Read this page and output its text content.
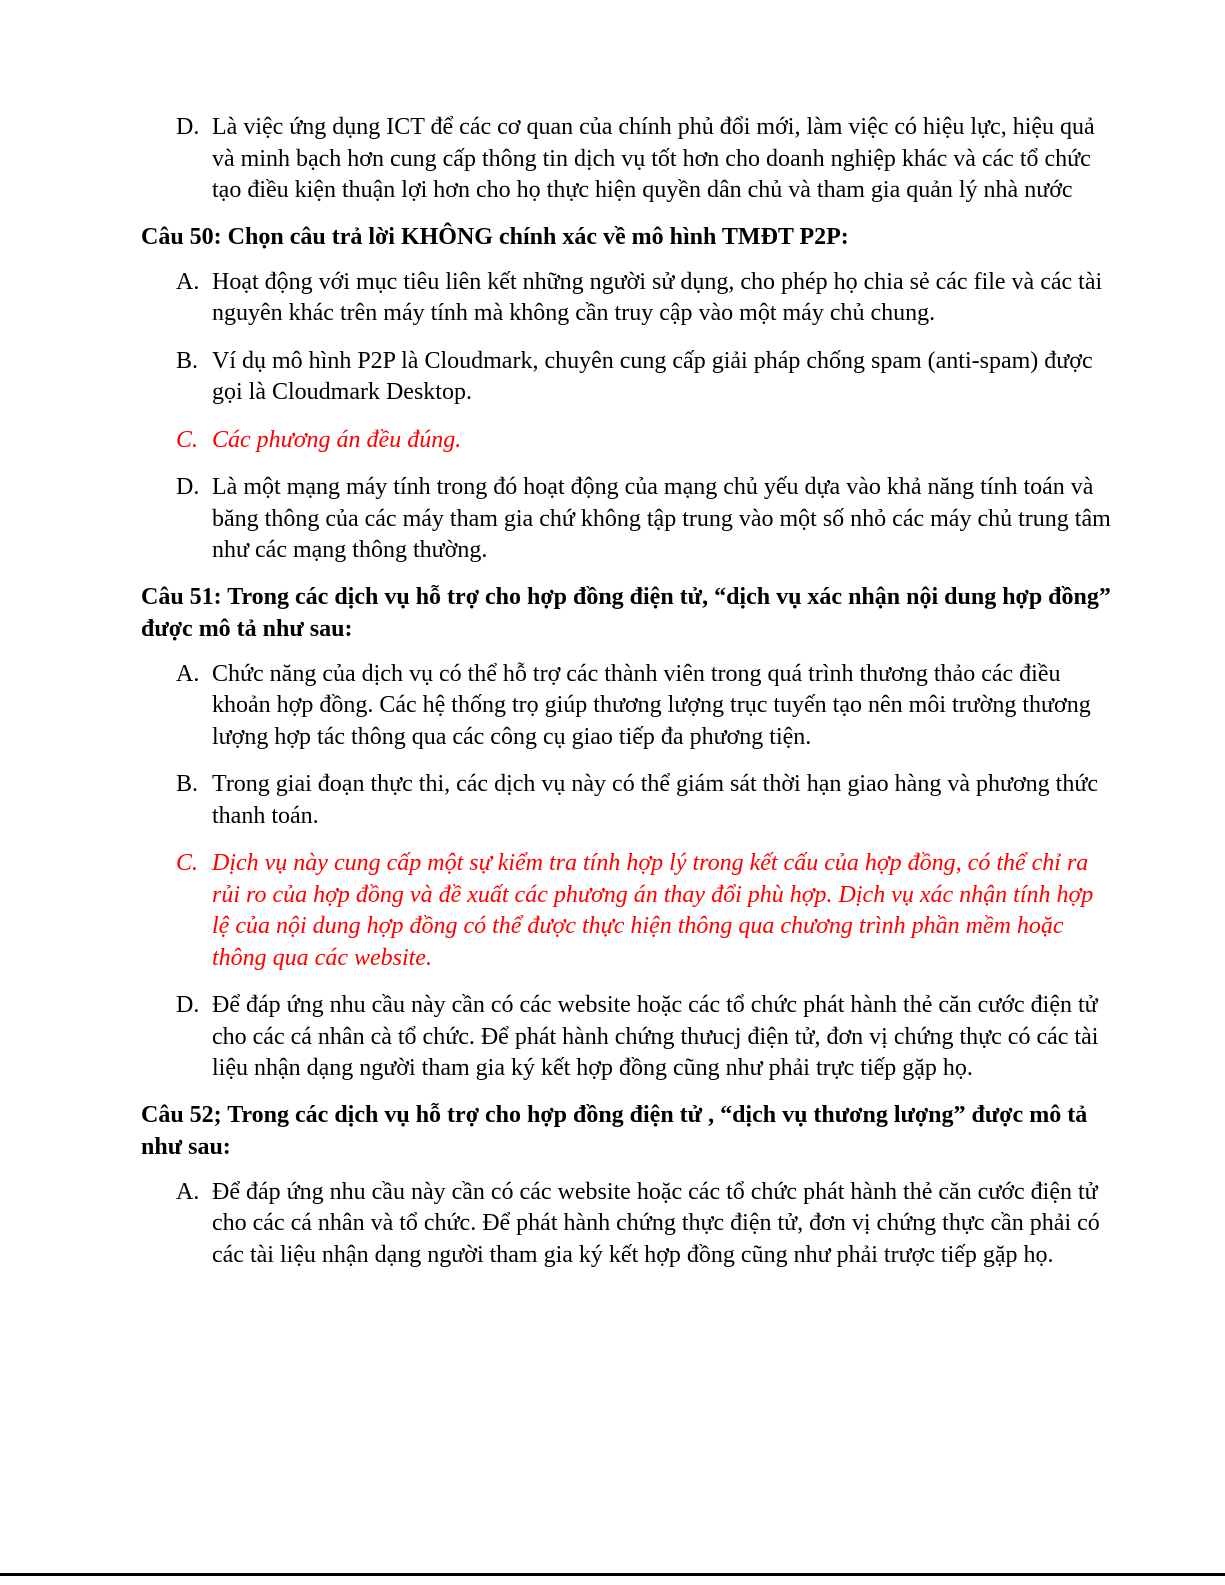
D. Là việc ứng dụng ICT để các cơ quan của chính phủ đổi mới, làm việc có hiệu lực, hiệu quả và minh bạch hơn cung cấp thông tin dịch vụ tốt hơn cho doanh nghiệp khác và các tổ chức tạo điều kiện thuận lợi hơn cho họ thực hiện quyền dân chủ và tham gia quản lý nhà nước

Câu 50: Chọn câu trả lời KHÔNG chính xác về mô hình TMĐT P2P:

A. Hoạt động với mục tiêu liên kết những người sử dụng, cho phép họ chia sẻ các file và các tài nguyên khác trên máy tính mà không cần truy cập vào một máy chủ chung.

B. Ví dụ mô hình P2P là Cloudmark, chuyên cung cấp giải pháp chống spam (anti-spam) được gọi là Cloudmark Desktop.

C. Các phương án đều đúng.

D. Là một mạng máy tính trong đó hoạt động của mạng chủ yếu dựa vào khả năng tính toán và băng thông của các máy tham gia chứ không tập trung vào một số nhỏ các máy chủ trung tâm như các mạng thông thường.

Câu 51: Trong các dịch vụ hỗ trợ cho hợp đồng điện tử, “dịch vụ xác nhận nội dung hợp đồng” được mô tả như sau:

A. Chức năng của dịch vụ có thể hỗ trợ các thành viên trong quá trình thương thảo các điều khoản hợp đồng. Các hệ thống trọ giúp thương lượng trục tuyến tạo nên môi trường thương lượng hợp tác thông qua các công cụ giao tiếp đa phương tiện.

B. Trong giai đoạn thực thi, các dịch vụ này có thể giám sát thời hạn giao hàng và phương thức thanh toán.

C. Dịch vụ này cung cấp một sự kiểm tra tính hợp lý trong kết cấu của hợp đồng, có thể chỉ ra rủi ro của hợp đồng và đề xuất các phương án thay đổi phù hợp. Dịch vụ xác nhận tính hợp lệ của nội dung hợp đồng có thể được thực hiện thông qua chương trình phần mềm hoặc thông qua các website.

D. Để đáp ứng nhu cầu này cần có các website hoặc các tổ chức phát hành thẻ căn cước điện tử cho các cá nhân cà tổ chức. Để phát hành chứng thưucj điện tử, đơn vị chứng thực có các tài liệu nhận dạng người tham gia ký kết hợp đồng cũng như phải trực tiếp gặp họ.

Câu 52; Trong các dịch vụ hỗ trợ cho hợp đồng điện tử , “dịch vụ thương lượng” được mô tả như sau:

A. Để đáp ứng nhu cầu này cần có các website hoặc các tổ chức phát hành thẻ căn cước điện tử cho các cá nhân và tổ chức. Để phát hành chứng thực điện tử, đơn vị chứng thực cần phải có các tài liệu nhận dạng người tham gia ký kết hợp đồng cũng như phải trược tiếp gặp họ.
